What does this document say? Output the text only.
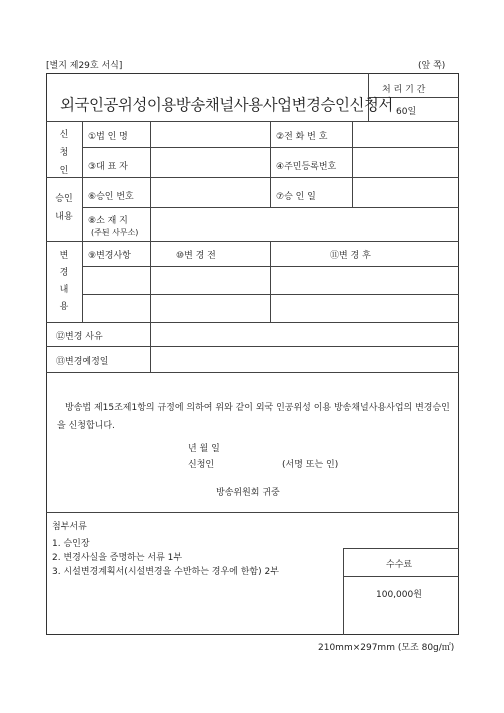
[별지 제29호 서식]	(앞 쪽)
외국인공위성이용방송채널사용사업변경승인신청서
처 리 기 간
60일
신
청
인
①법 인 명	②전 화 번 호
③대 표 자	④주민등록번호
승인
내용
⑥승인 번호	⑦승 인 일
⑧소 재 지
(주된 사무소)
변
경
내
용
⑨변경사항	⑩변 경 전	⑪변 경 후
⑫변경 사유
⑬변경예정일
방송법 제15조제1항의 규정에 의하여 위와 같이 외국 인공위성 이용 방송채널사용사업의 변경승인을 신청합니다.
년 월 일
신청인	(서명 또는 인)
방송위원회 귀중
첨부서류
1. 승인장
2. 변경사실을 증명하는 서류 1부
3. 시설변경계획서(시설변경을 수반하는 경우에 한함) 2부
수수료
100,000원
210mm×297mm (모조 80g/㎡)
